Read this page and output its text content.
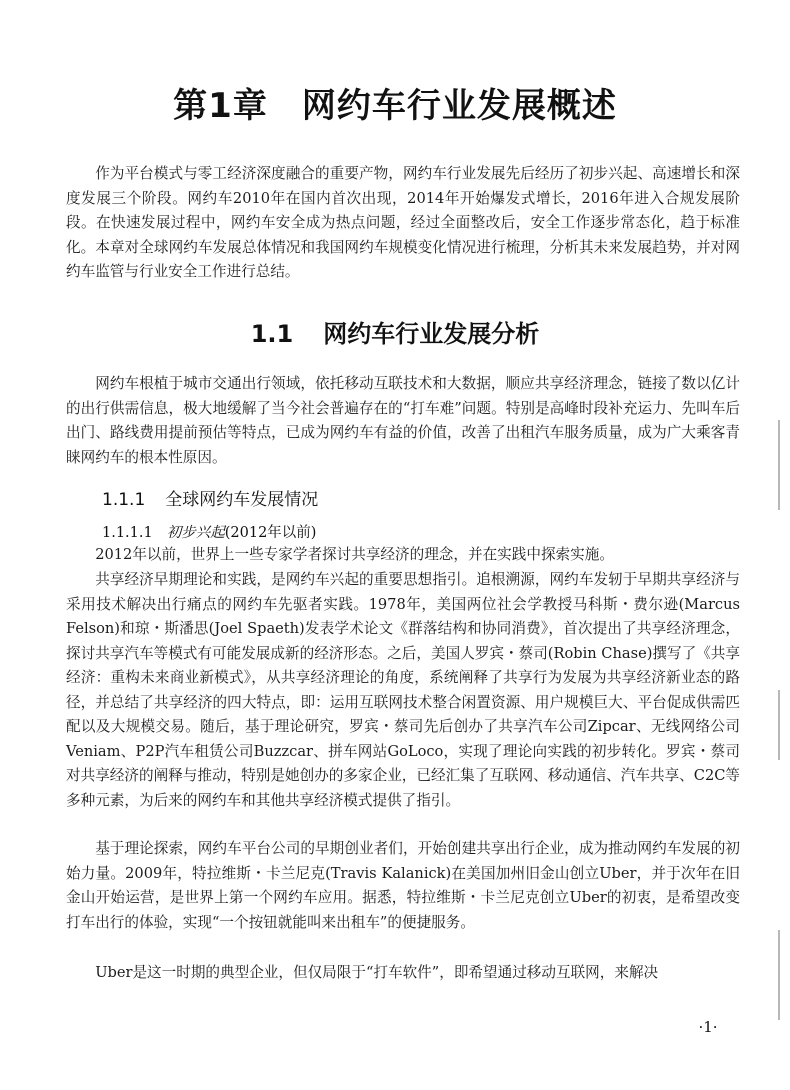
第1章 网约车行业发展概述

作为平台模式与零工经济深度融合的重要产物，网约车行业发展先后经历了初步兴起、高速增长和深度发展三个阶段。网约车2010年在国内首次出现，2014年开始爆发式增长，2016年进入合规发展阶段。在快速发展过程中，网约车安全成为热点问题，经过全面整改后，安全工作逐步常态化，趋于标准化。本章对全球网约车发展总体情况和我国网约车规模变化情况进行梳理，分析其未来发展趋势，并对网约车监管与行业安全工作进行总结。

1.1 网约车行业发展分析

网约车根植于城市交通出行领域，依托移动互联技术和大数据，顺应共享经济理念，链接了数以亿计的出行供需信息，极大地缓解了当今社会普遍存在的“打车难”问题。特别是高峰时段补充运力、先叫车后出门、路线费用提前预估等特点，已成为网约车有益的价值，改善了出租汽车服务质量，成为广大乘客青睐网约车的根本性原因。

1.1.1 全球网约车发展情况
1.1.1.1 初步兴起(2012年以前)

2012年以前，世界上一些专家学者探讨共享经济的理念，并在实践中探索实施。

共享经济早期理论和实践，是网约车兴起的重要思想指引。追根溯源，网约车发轫于早期共享经济与采用技术解决出行痛点的网约车先驱者实践。1978年，美国两位社会学教授马科斯・费尔逊(Marcus Felson)和琼・斯潘思(Joel Spaeth)发表学术论文《群落结构和协同消费》，首次提出了共享经济理念，探讨共享汽车等模式有可能发展成新的经济形态。之后，美国人罗宾・蔡司(Robin Chase)撰写了《共享经济：重构未来商业新模式》，从共享经济理论的角度，系统阐释了共享行为发展为共享经济新业态的路径，并总结了共享经济的四大特点，即：运用互联网技术整合闲置资源、用户规模巨大、平台促成供需匹配以及大规模交易。随后，基于理论研究，罗宾・蔡司先后创办了共享汽车公司Zipcar、无线网络公司Veniam、P2P汽车租赁公司Buzzcar、拼车网站GoLoco，实现了理论向实践的初步转化。罗宾・蔡司对共享经济的阐释与推动，特别是她创办的多家企业，已经汇集了互联网、移动通信、汽车共享、C2C等多种元素，为后来的网约车和其他共享经济模式提供了指引。

基于理论探索，网约车平台公司的早期创业者们，开始创建共享出行企业，成为推动网约车发展的初始力量。2009年，特拉维斯・卡兰尼克(Travis Kalanick)在美国加州旧金山创立Uber，并于次年在旧金山开始运营，是世界上第一个网约车应用。据悉，特拉维斯・卡兰尼克创立Uber的初衷，是希望改变打车出行的体验，实现“一个按钮就能叫来出租车”的便捷服务。

Uber是这一时期的典型企业，但仅局限于“打车软件”，即希望通过移动互联网，来解决

·1·
